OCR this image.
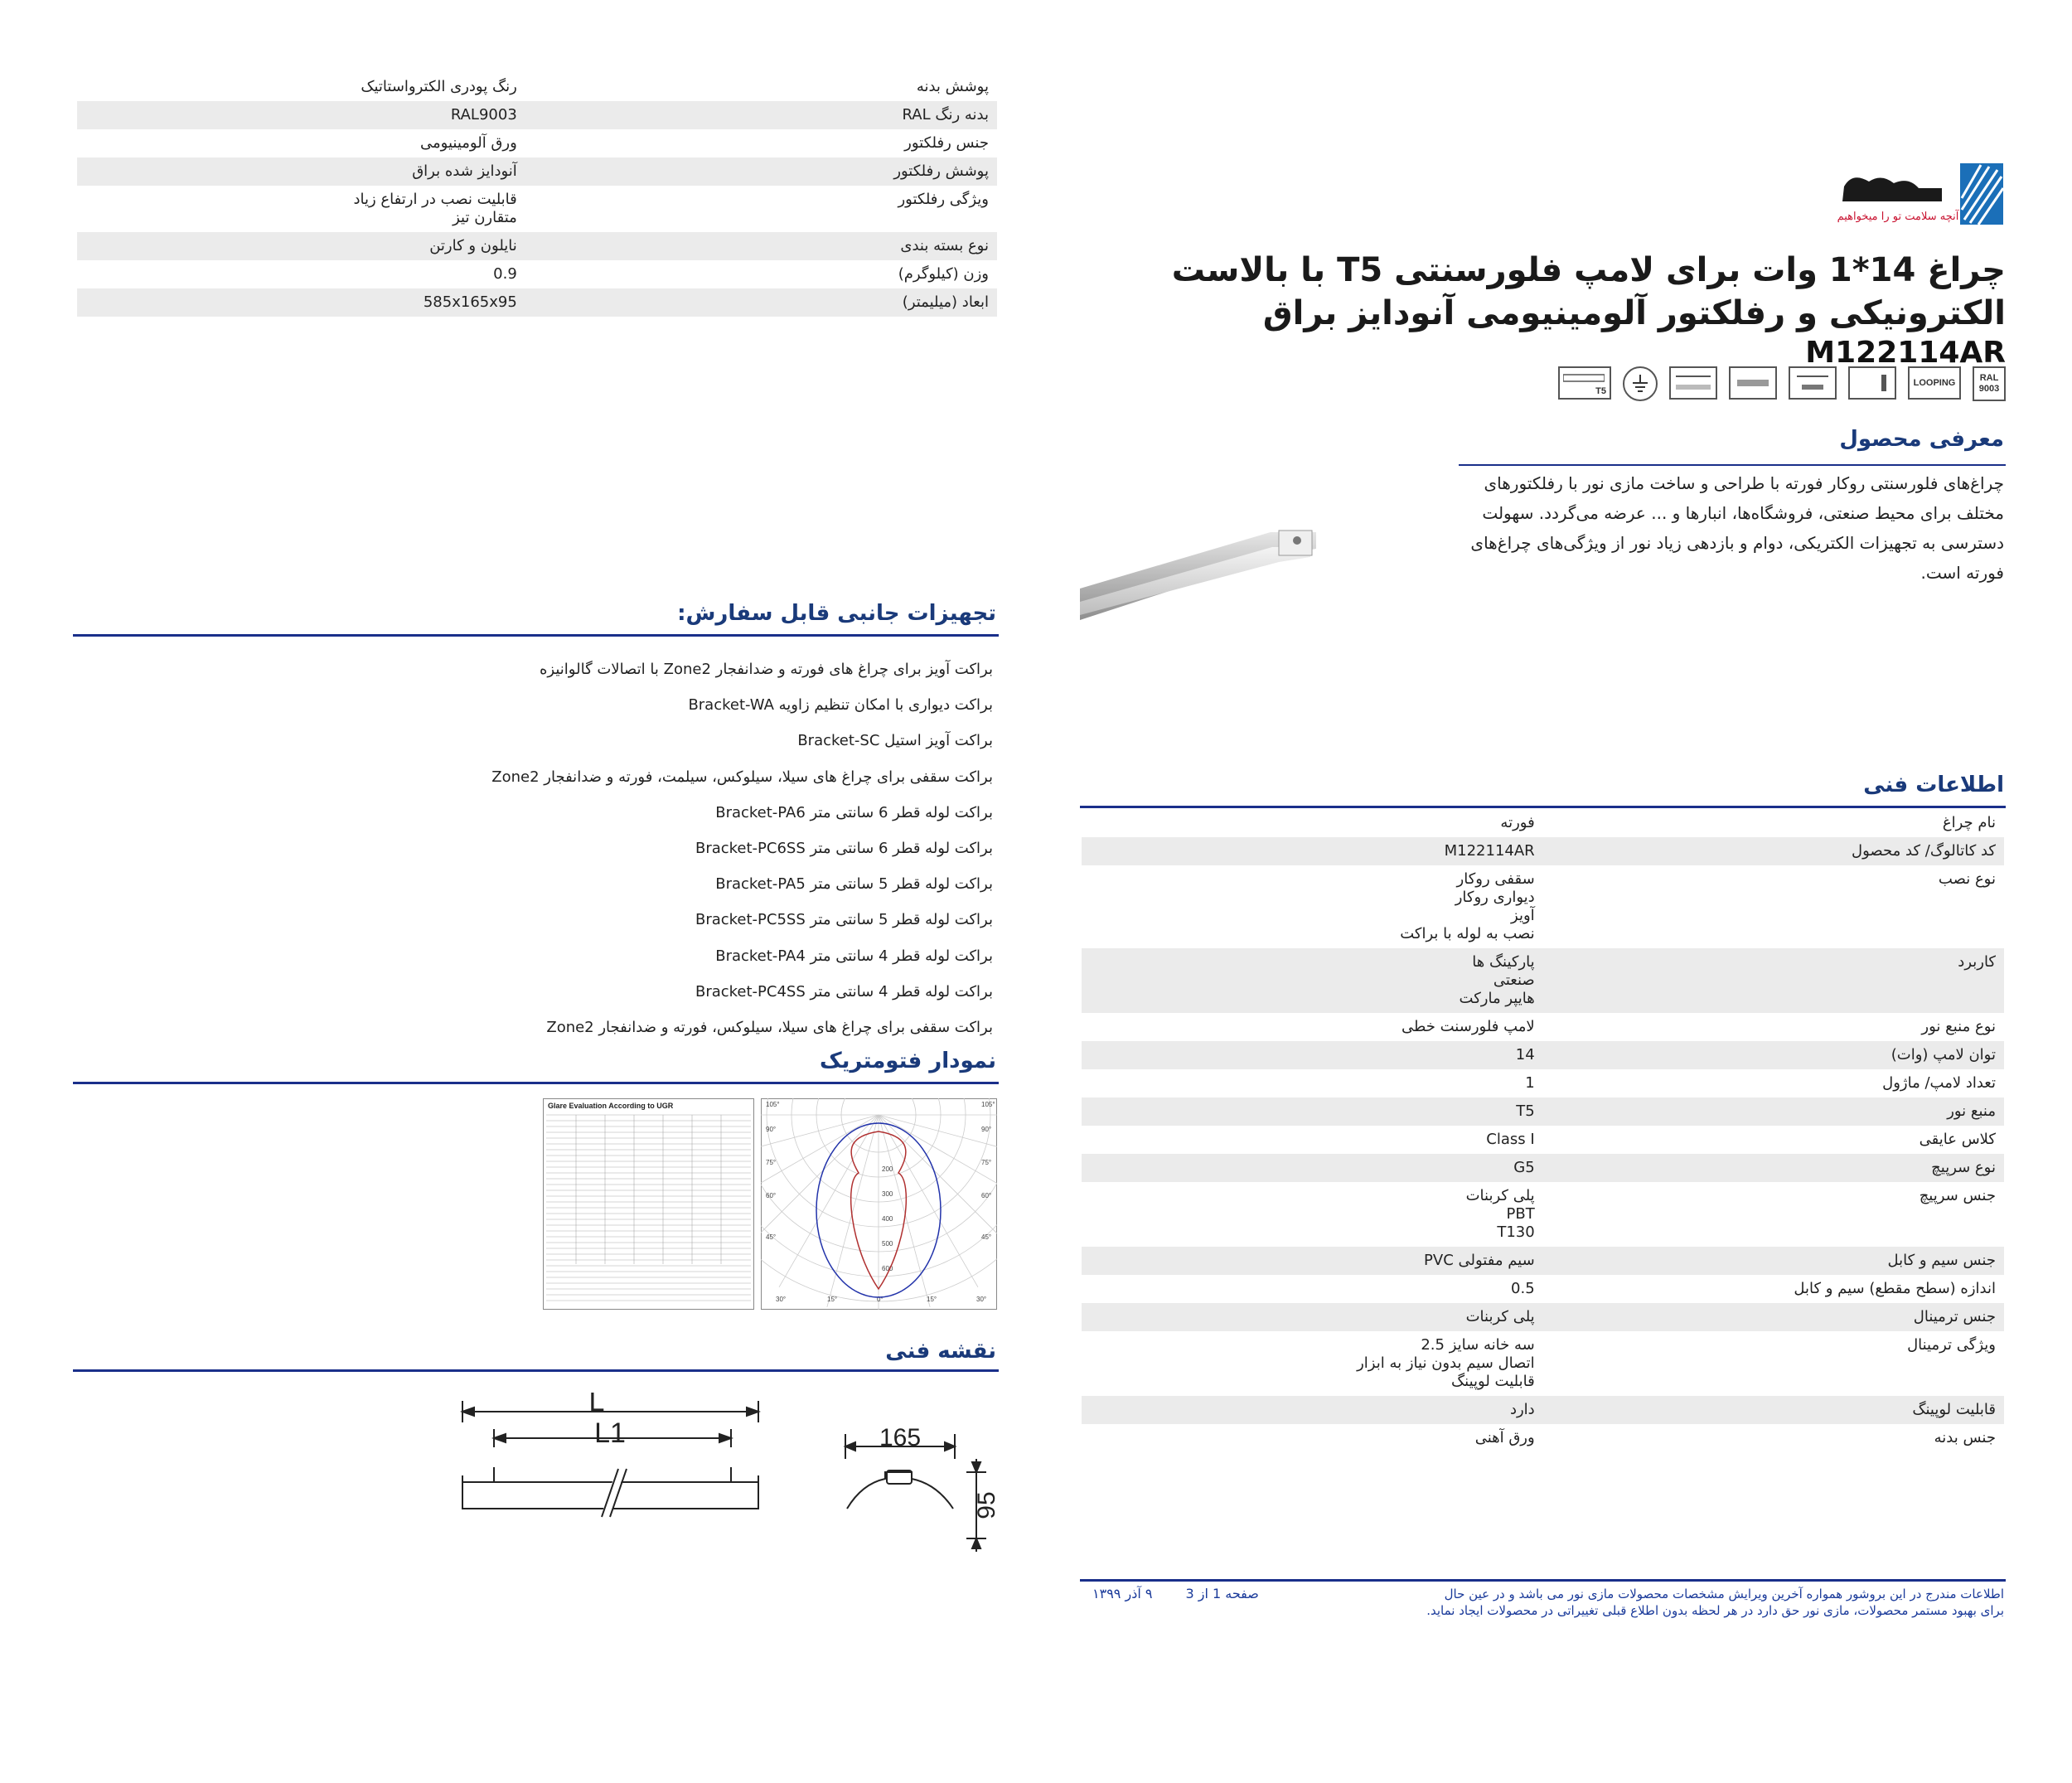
آنچه سلامت تو را میخواهیم
چراغ 14*1 وات برای لامپ فلورسنتی T5 با بالاست الکترونیکی و رفلکتور آلومینیومی آنودایز براق
M122114AR
RAL
9003
LOOPING
T5
معرفی محصول
چراغ‌های فلورسنتی روکار فورته با طراحی و ساخت مازی نور با رفلکتورهای مختلف برای محیط صنعتی، فروشگاه‌ها، انبارها و ... عرضه می‌گردد. سهولت دسترسی به تجهیزات الکتریکی، دوام و بازدهی زیاد نور از ویژگی‌های چراغ‌های فورته است.
اطلاعات فنی
نام چراغ	فورته

کد کاتالوگ/ کد محصول	M122114AR

نوع نصب	سقفی روکار
دیواری روکار
آویز
نصب به لوله با براکت

کاربرد	پارکینگ ها
صنعتی
هایپر مارکت

نوع منبع نور	لامپ فلورسنت خطی

توان لامپ (وات)	14

تعداد لامپ/ ماژول	1

منبع نور	T5

کلاس عایقی	Class I

نوع سرپیچ	G5

جنس سرپیچ	پلی کربنات
PBT
T130

جنس سیم و کابل	سیم مفتولی PVC

اندازه (سطح مقطع) سیم و کابل	0.5

جنس ترمینال	پلی کربنات

ویژگی ترمینال	سه خانه سایز 2.5
اتصال سیم بدون نیاز به ابزار
قابلیت لوپینگ

قابلیت لوپینگ	دارد

جنس بدنه	ورق آهنی
اطلاعات مندرج در این بروشور همواره آخرین ویرایش مشخصات محصولات مازی نور می باشد و در عین حال برای بهبود مستمر محصولات، مازی نور حق دارد در هر لحظه بدون اطلاع قبلی تغییراتی در محصولات ایجاد نماید.
صفحه 1 از 3
۹ آذر ۱۳۹۹
پوشش بدنه	رنگ پودری الکترواستاتیک

بدنه رنگ RAL	RAL9003

جنس رفلکتور	ورق آلومینیومی

پوشش رفلکتور	آنودایز شده براق

ویژگی رفلکتور	قابلیت نصب در ارتفاع زیاد
متقارن تیز

نوع بسته بندی	نایلون و کارتن

وزن (کیلوگرم)	0.9

ابعاد (میلیمتر)	585x165x95
تجهیزات جانبی قابل سفارش:
براکت آویز برای چراغ های فورته و ضدانفجار Zone2 با اتصالات گالوانیزه
براکت دیواری با امکان تنظیم زاویه Bracket-WA
براکت آویز استیل Bracket-SC
براکت سقفی برای چراغ های سیلا، سیلوکس، سیلمت، فورته و ضدانفجار Zone2
براکت لوله قطر 6 سانتی متر Bracket-PA6
براکت لوله قطر 6 سانتی متر Bracket-PC6SS
براکت لوله قطر 5 سانتی متر Bracket-PA5
براکت لوله قطر 5 سانتی متر Bracket-PC5SS
براکت لوله قطر 4 سانتی متر Bracket-PA4
براکت لوله قطر 4 سانتی متر Bracket-PC4SS
براکت سقفی برای چراغ های سیلا، سیلوکس، فورته و ضدانفجار Zone2
نمودار فتومتریک
Glare Evaluation According to UGR
200
300
400
500
600
105°
90°
75°
60°
45°
30°	15°	0°	15°	30°
45°
60°
75°
90°
105°
نقشه فنی
L
L1	165
95
